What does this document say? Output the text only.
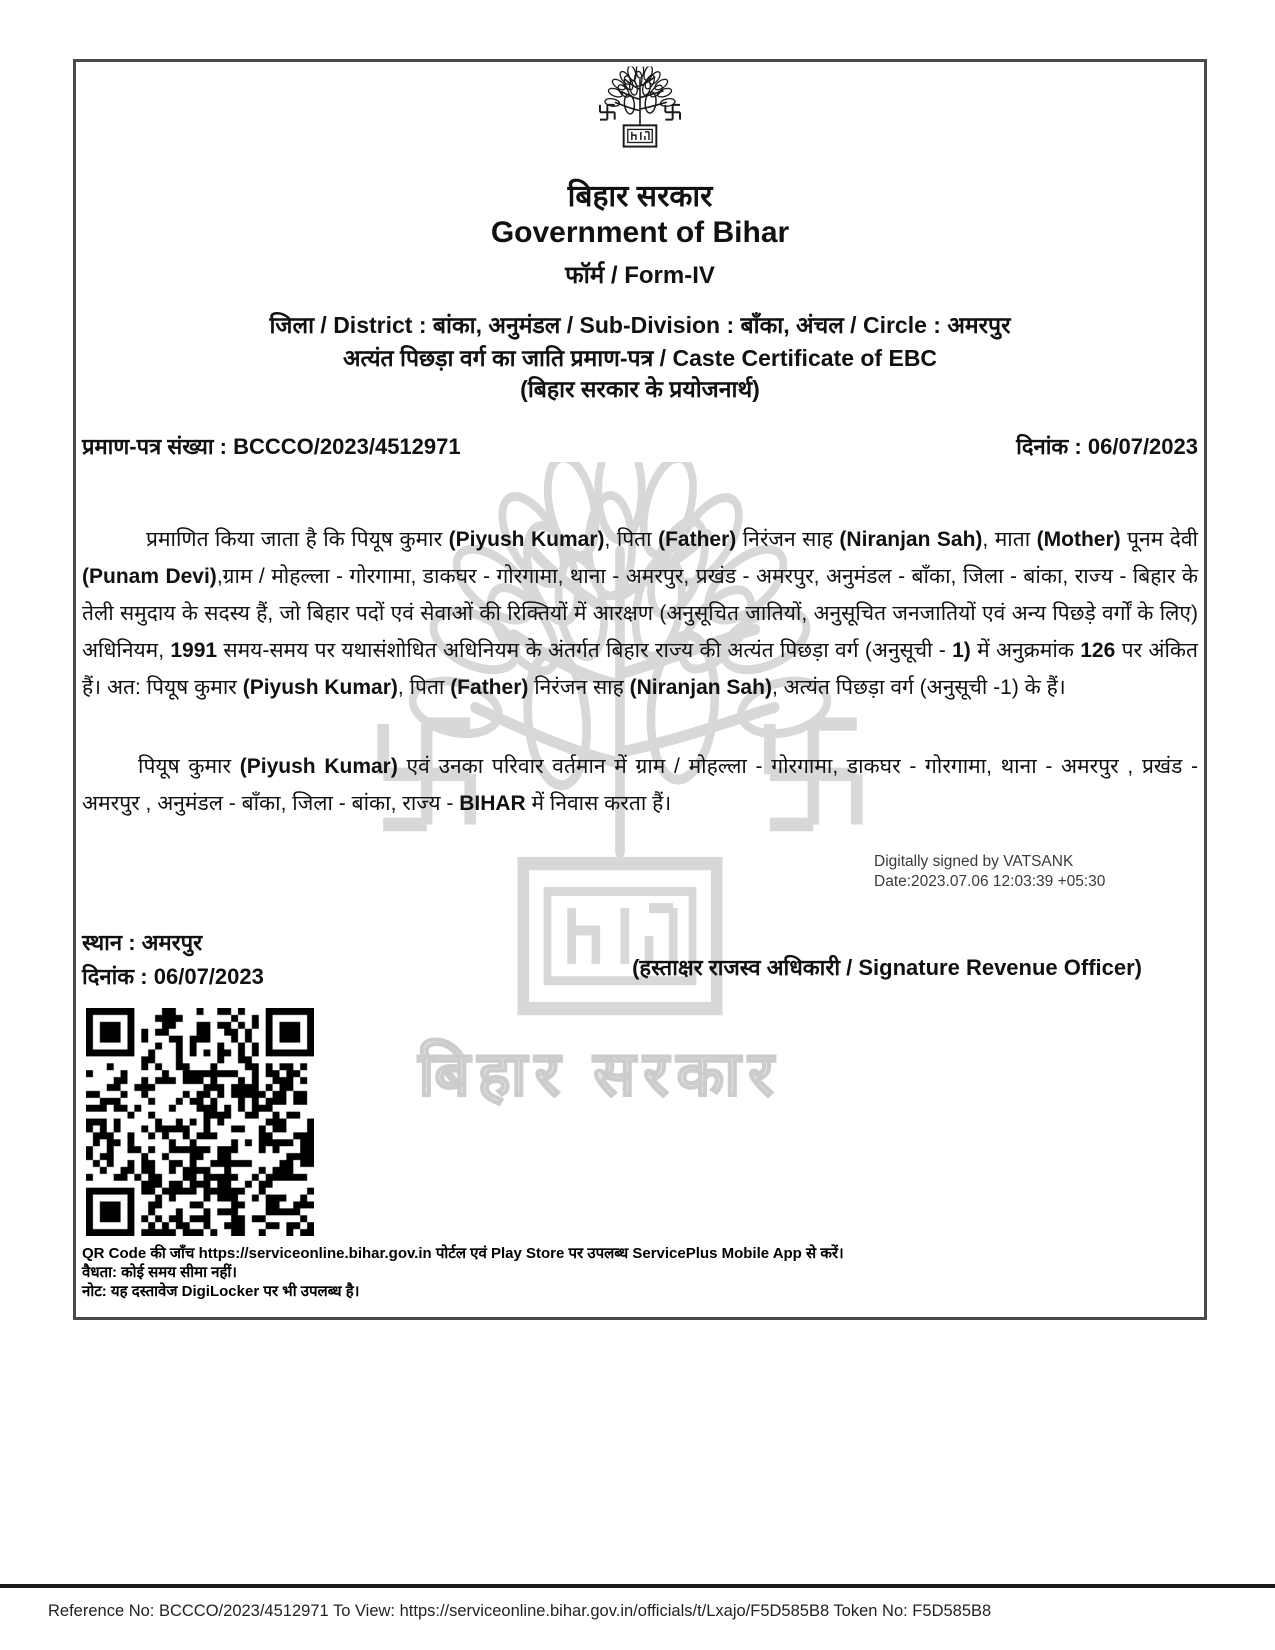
बिहार सरकार
बिहार सरकार
Government of Bihar
फॉर्म / Form-IV
जिला / District : बांका, अनुमंडल / Sub-Division : बाँका, अंचल / Circle : अमरपुर
अत्यंत पिछड़ा वर्ग का जाति प्रमाण-पत्र / Caste Certificate of EBC
(बिहार सरकार के प्रयोजनार्थ)
प्रमाण-पत्र संख्या : BCCCO/2023/4512971	दिनांक : 06/07/2023
प्रमाणित किया जाता है कि पियूष कुमार (Piyush Kumar), पिता (Father) निरंजन साह (Niranjan Sah), माता (Mother) पूनम देवी (Punam Devi),ग्राम / मोहल्ला - गोरगामा, डाकघर - गोरगामा, थाना - अमरपुर, प्रखंड - अमरपुर, अनुमंडल - बाँका, जिला - बांका, राज्य - बिहार के तेली समुदाय के सदस्य हैं, जो बिहार पदों एवं सेवाओं की रिक्तियों में आरक्षण (अनुसूचित जातियों, अनुसूचित जनजातियों एवं अन्य पिछड़े वर्गों के लिए) अधिनियम, 1991 समय-समय पर यथासंशोधित अधिनियम के अंतर्गत बिहार राज्य की अत्यंत पिछड़ा वर्ग (अनुसूची - 1) में अनुक्रमांक 126 पर अंकित हैं। अत: पियूष कुमार (Piyush Kumar), पिता (Father) निरंजन साह (Niranjan Sah), अत्यंत पिछड़ा वर्ग (अनुसूची -1) के हैं।
पियूष कुमार (Piyush Kumar) एवं उनका परिवार वर्तमान में ग्राम / मोहल्ला - गोरगामा, डाकघर - गोरगामा, थाना - अमरपुर , प्रखंड - अमरपुर , अनुमंडल - बाँका, जिला - बांका, राज्य - BIHAR में निवास करता हैं।
Digitally signed by VATSANK
Date:2023.07.06 12:03:39 +05:30
स्थान : अमरपुर
दिनांक : 06/07/2023	(हस्ताक्षर राजस्व अधिकारी / Signature Revenue Officer)
QR Code की जाँच https://serviceonline.bihar.gov.in पोर्टल एवं Play Store पर उपलब्ध ServicePlus Mobile App से करें।
वैधता: कोई समय सीमा नहीं।
नोट: यह दस्तावेज DigiLocker पर भी उपलब्ध है।
Reference No: BCCCO/2023/4512971 To View: https://serviceonline.bihar.gov.in/officials/t/Lxajo/F5D585B8 Token No: F5D585B8
